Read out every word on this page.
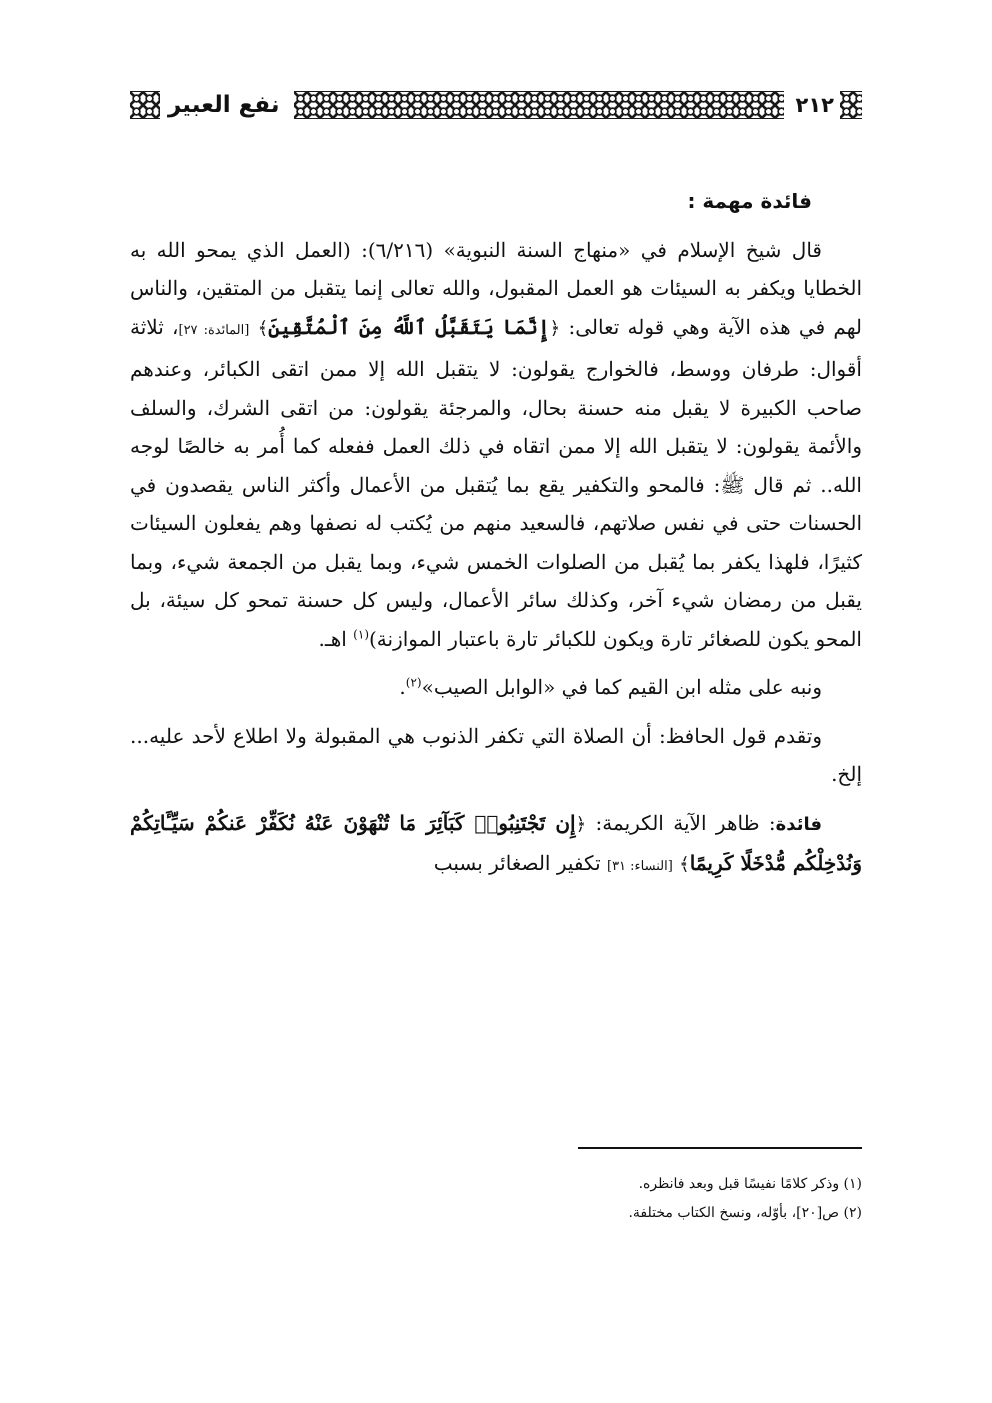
٢١٢
نفع العبير

فائدة مهمة :

قال شيخ الإسلام في «منهاج السنة النبوية» (٦/٢١٦): (العمل الذي يمحو الله به الخطايا ويكفر به السيئات هو العمل المقبول، والله تعالى إنما يتقبل من المتقين، والناس لهم في هذه الآية وهي قوله تعالى: ﴿إِنَّمَا يَتَقَبَّلُ ٱللَّهُ مِنَ ٱلْمُتَّقِينَ﴾ [المائدة: ٢٧]، ثلاثة أقوال: طرفان ووسط، فالخوارج يقولون: لا يتقبل الله إلا ممن اتقى الكبائر، وعندهم صاحب الكبيرة لا يقبل منه حسنة بحال، والمرجئة يقولون: من اتقى الشرك، والسلف والأئمة يقولون: لا يتقبل الله إلا ممن اتقاه في ذلك العمل ففعله كما أُمر به خالصًا لوجه الله.. ثم قال ﷺ: فالمحو والتكفير يقع بما يُتقبل من الأعمال وأكثر الناس يقصدون في الحسنات حتى في نفس صلاتهم، فالسعيد منهم من يُكتب له نصفها وهم يفعلون السيئات كثيرًا، فلهذا يكفر بما يُقبل من الصلوات الخمس شيء، وبما يقبل من الجمعة شيء، وبما يقبل من رمضان شيء آخر، وكذلك سائر الأعمال، وليس كل حسنة تمحو كل سيئة، بل المحو يكون للصغائر تارة ويكون للكبائر تارة باعتبار الموازنة)$^{(١)}$ اهـ.

ونبه على مثله ابن القيم كما في «الوابل الصيب»$^{(٢)}$.

وتقدم قول الحافظ: أن الصلاة التي تكفر الذنوب هي المقبولة ولا اطلاع لأحد عليه... إلخ.

فائدة: ظاهر الآية الكريمة: ﴿إِن تَجْتَنِبُوا۟ كَبَآئِرَ مَا تُنْهَوْنَ عَنْهُ نُكَفِّرْ عَنكُمْ سَيِّـَٔاتِكُمْ وَنُدْخِلْكُم مُّدْخَلًا كَرِيمًا﴾ [النساء: ٣١] تكفير الصغائر بسبب

(١) وذكر كلامًا نفيسًا قبل وبعد فانظره.

(٢) ص[٢٠]، بأوّله، ونسخ الكتاب مختلفة.
